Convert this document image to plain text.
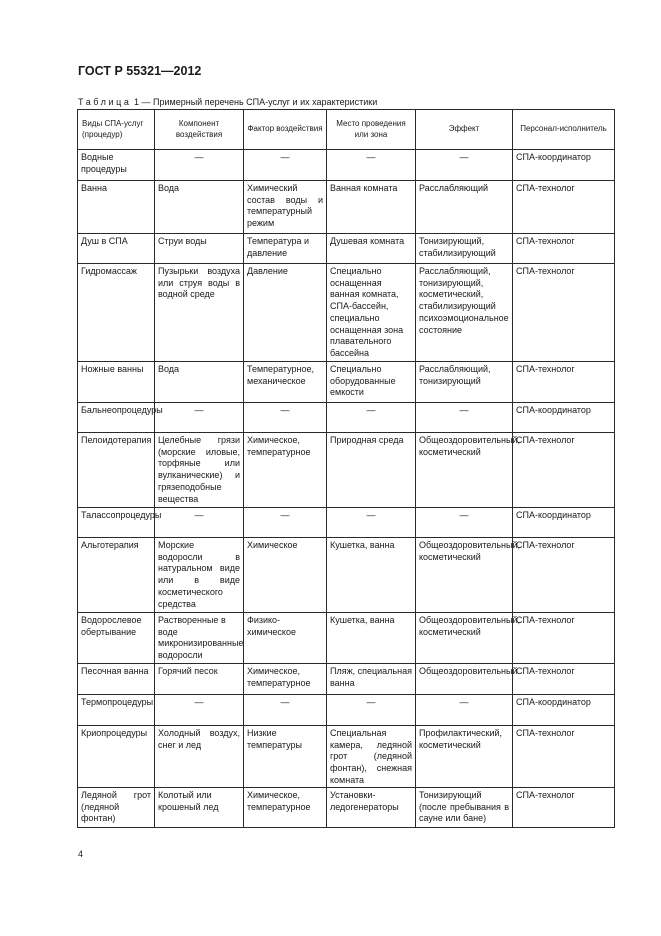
ГОСТ Р 55321—2012

Таблица 1 — Примерный перечень СПА-услуг и их характеристики

Виды СПА-услуг (процедур)	Компонент воздействия	Фактор воздействия	Место проведения или зона	Эффект	Персонал-исполнитель
Водные процедуры	—	—	—	—	СПА-координатор
Ванна	Вода	Химический состав воды и температурный режим	Ванная комната	Расслабляющий	СПА-технолог
Душ в СПА	Струи воды	Температура и давление	Душевая комната	Тонизирующий, стабилизирующий	СПА-технолог
Гидромассаж	Пузырьки воздуха или струя воды в водной среде	Давление	Специально оснащенная ванная комната, СПА-бассейн, специально оснащенная зона плавательного бассейна	Расслабляющий, тонизирующий, косметический, стабилизирующий психоэмоциональное состояние	СПА-технолог
Ножные ванны	Вода	Температурное, механическое	Специально оборудованные емкости	Расслабляющий, тонизирующий	СПА-технолог
Бальнеопроцедуры	—	—	—	—	СПА-координатор
Пелоидотерапия	Целебные грязи (морские иловые, торфяные или вулканические) и грязеподобные вещества	Химическое, температурное	Природная среда	Общеоздоровительный, косметический	СПА-технолог
Талассопроцедуры	—	—	—	—	СПА-координатор
Альготерапия	Морские водоросли в натуральном виде или в виде косметического средства	Химическое	Кушетка, ванна	Общеоздоровительный, косметический	СПА-технолог
Водорослевое обертывание	Растворенные в воде микронизированные водоросли	Физико-химическое	Кушетка, ванна	Общеоздоровительный, косметический	СПА-технолог
Песочная ванна	Горячий песок	Химическое, температурное	Пляж, специальная ванна	Общеоздоровительный	СПА-технолог
Термопроцедуры	—	—	—	—	СПА-координатор
Криопроцедуры	Холодный воздух, снег и лед	Низкие температуры	Специальная камера, ледяной грот (ледяной фонтан), снежная комната	Профилактический, косметический	СПА-технолог
Ледяной грот (ледяной фонтан)	Колотый или крошеный лед	Химическое, температурное	Установки-ледогенераторы	Тонизирующий (после пребывания в сауне или бане)	СПА-технолог

4
